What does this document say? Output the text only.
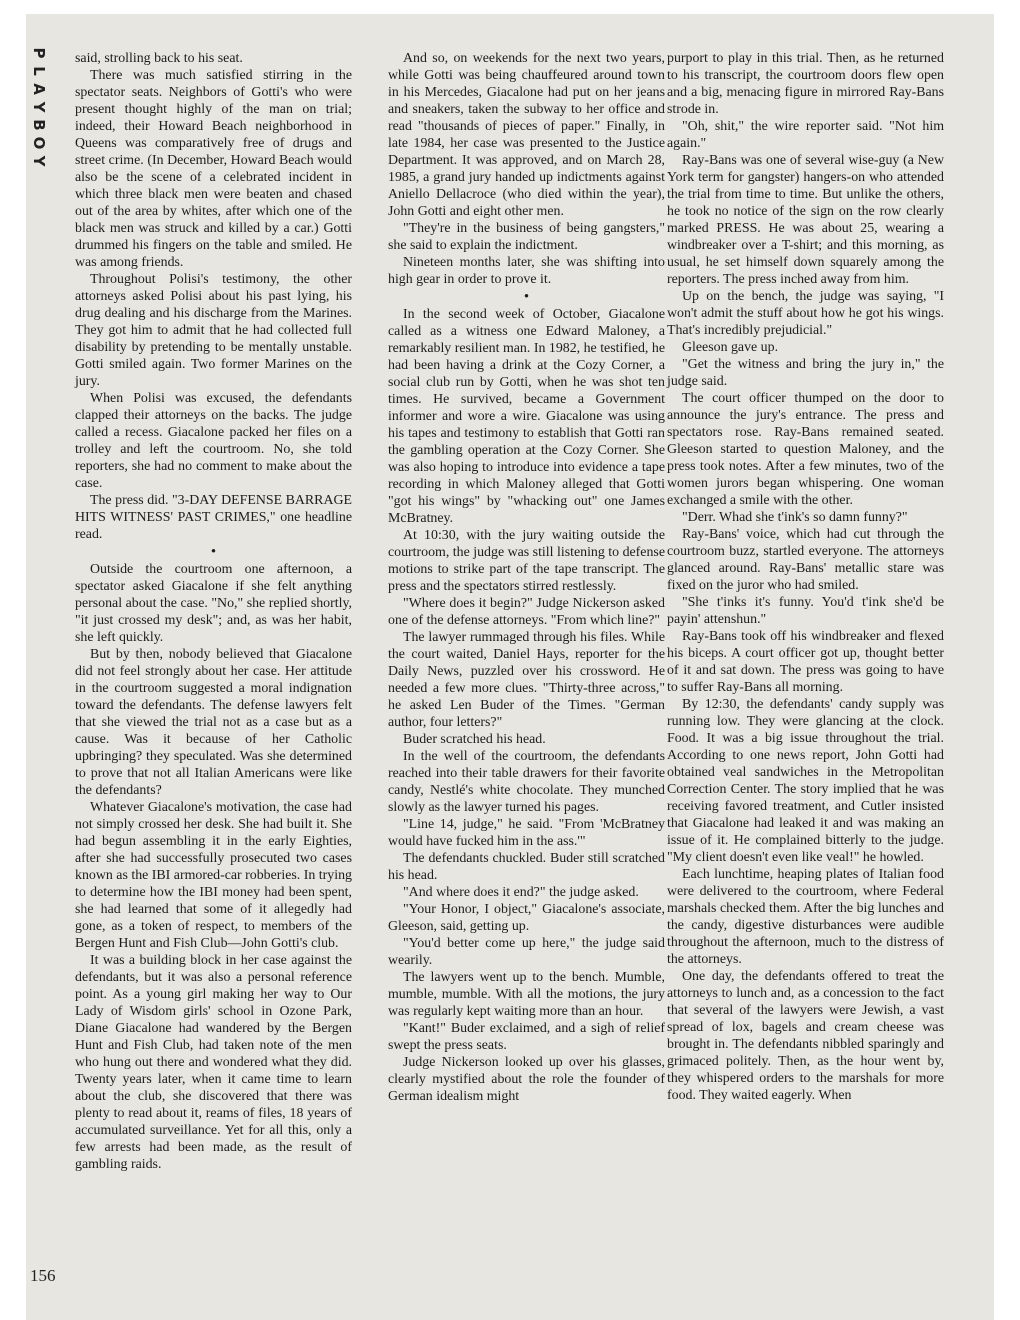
P
L
A
Y
B
O
Y
156

said, strolling back to his seat.

There was much satisfied stirring in the spectator seats. Neighbors of Gotti's who were present thought highly of the man on trial; indeed, their Howard Beach neighborhood in Queens was comparatively free of drugs and street crime. (In December, Howard Beach would also be the scene of a celebrated incident in which three black men were beaten and chased out of the area by whites, after which one of the black men was struck and killed by a car.) Gotti drummed his fingers on the table and smiled. He was among friends.

Throughout Polisi's testimony, the other attorneys asked Polisi about his past lying, his drug dealing and his discharge from the Marines. They got him to admit that he had collected full disability by pretending to be mentally unstable. Gotti smiled again. Two former Marines on the jury.

When Polisi was excused, the defendants clapped their attorneys on the backs. The judge called a recess. Giacalone packed her files on a trolley and left the courtroom. No, she told reporters, she had no comment to make about the case.

The press did. "3-DAY DEFENSE BARRAGE HITS WITNESS' PAST CRIMES," one headline read.

•

Outside the courtroom one afternoon, a spectator asked Giacalone if she felt anything personal about the case. "No," she replied shortly, "it just crossed my desk"; and, as was her habit, she left quickly.

But by then, nobody believed that Giacalone did not feel strongly about her case. Her attitude in the courtroom suggested a moral indignation toward the defendants. The defense lawyers felt that she viewed the trial not as a case but as a cause. Was it because of her Catholic upbringing? they speculated. Was she determined to prove that not all Italian Americans were like the defendants?

Whatever Giacalone's motivation, the case had not simply crossed her desk. She had built it. She had begun assembling it in the early Eighties, after she had successfully prosecuted two cases known as the IBI armored-car robberies. In trying to determine how the IBI money had been spent, she had learned that some of it allegedly had gone, as a token of respect, to members of the Bergen Hunt and Fish Club—John Gotti's club.

It was a building block in her case against the defendants, but it was also a personal reference point. As a young girl making her way to Our Lady of Wisdom girls' school in Ozone Park, Diane Giacalone had wandered by the Bergen Hunt and Fish Club, had taken note of the men who hung out there and wondered what they did. Twenty years later, when it came time to learn about the club, she discovered that there was plenty to read about it, reams of files, 18 years of accumulated surveillance. Yet for all this, only a few arrests had been made, as the result of gambling raids.

And so, on weekends for the next two years, while Gotti was being chauffeured around town in his Mercedes, Giacalone had put on her jeans and sneakers, taken the subway to her office and read "thousands of pieces of paper." Finally, in late 1984, her case was presented to the Justice Department. It was approved, and on March 28, 1985, a grand jury handed up indictments against Aniello Dellacroce (who died within the year), John Gotti and eight other men.

"They're in the business of being gangsters," she said to explain the indictment.

Nineteen months later, she was shifting into high gear in order to prove it.

•

In the second week of October, Giacalone called as a witness one Edward Maloney, a remarkably resilient man. In 1982, he testified, he had been having a drink at the Cozy Corner, a social club run by Gotti, when he was shot ten times. He survived, became a Government informer and wore a wire. Giacalone was using his tapes and testimony to establish that Gotti ran the gambling operation at the Cozy Corner. She was also hoping to introduce into evidence a tape recording in which Maloney alleged that Gotti "got his wings" by "whacking out" one James McBratney.

At 10:30, with the jury waiting outside the courtroom, the judge was still listening to defense motions to strike part of the tape transcript. The press and the spectators stirred restlessly.

"Where does it begin?" Judge Nickerson asked one of the defense attorneys. "From which line?"

The lawyer rummaged through his files. While the court waited, Daniel Hays, reporter for the Daily News, puzzled over his crossword. He needed a few more clues. "Thirty-three across," he asked Len Buder of the Times. "German author, four letters?"

Buder scratched his head.

In the well of the courtroom, the defendants reached into their table drawers for their favorite candy, Nestlé's white chocolate. They munched slowly as the lawyer turned his pages.

"Line 14, judge," he said. "From 'McBratney would have fucked him in the ass.'"

The defendants chuckled. Buder still scratched his head.

"And where does it end?" the judge asked.

"Your Honor, I object," Giacalone's associate, Gleeson, said, getting up.

"You'd better come up here," the judge said wearily.

The lawyers went up to the bench. Mumble, mumble, mumble. With all the motions, the jury was regularly kept waiting more than an hour.

"Kant!" Buder exclaimed, and a sigh of relief swept the press seats.

Judge Nickerson looked up over his glasses, clearly mystified about the role the founder of German idealism might

purport to play in this trial. Then, as he returned to his transcript, the courtroom doors flew open and a big, menacing figure in mirrored Ray-Bans strode in.

"Oh, shit," the wire reporter said. "Not him again."

Ray-Bans was one of several wise-guy (a New York term for gangster) hangers-on who attended the trial from time to time. But unlike the others, he took no notice of the sign on the row clearly marked PRESS. He was about 25, wearing a windbreaker over a T-shirt; and this morning, as usual, he set himself down squarely among the reporters. The press inched away from him.

Up on the bench, the judge was saying, "I won't admit the stuff about how he got his wings. That's incredibly prejudicial."

Gleeson gave up.

"Get the witness and bring the jury in," the judge said.

The court officer thumped on the door to announce the jury's entrance. The press and spectators rose. Ray-Bans remained seated. Gleeson started to question Maloney, and the press took notes. After a few minutes, two of the women jurors began whispering. One woman exchanged a smile with the other.

"Derr. Whad she t'ink's so damn funny?"

Ray-Bans' voice, which had cut through the courtroom buzz, startled everyone. The attorneys glanced around. Ray-Bans' metallic stare was fixed on the juror who had smiled.

"She t'inks it's funny. You'd t'ink she'd be payin' attenshun."

Ray-Bans took off his windbreaker and flexed his biceps. A court officer got up, thought better of it and sat down. The press was going to have to suffer Ray-Bans all morning.

By 12:30, the defendants' candy supply was running low. They were glancing at the clock. Food. It was a big issue throughout the trial. According to one news report, John Gotti had obtained veal sandwiches in the Metropolitan Correction Center. The story implied that he was receiving favored treatment, and Cutler insisted that Giacalone had leaked it and was making an issue of it. He complained bitterly to the judge. "My client doesn't even like veal!" he howled.

Each lunchtime, heaping plates of Italian food were delivered to the courtroom, where Federal marshals checked them. After the big lunches and the candy, digestive disturbances were audible throughout the afternoon, much to the distress of the attorneys.

One day, the defendants offered to treat the attorneys to lunch and, as a concession to the fact that several of the lawyers were Jewish, a vast spread of lox, bagels and cream cheese was brought in. The defendants nibbled sparingly and grimaced politely. Then, as the hour went by, they whispered orders to the marshals for more food. They waited eagerly. When
